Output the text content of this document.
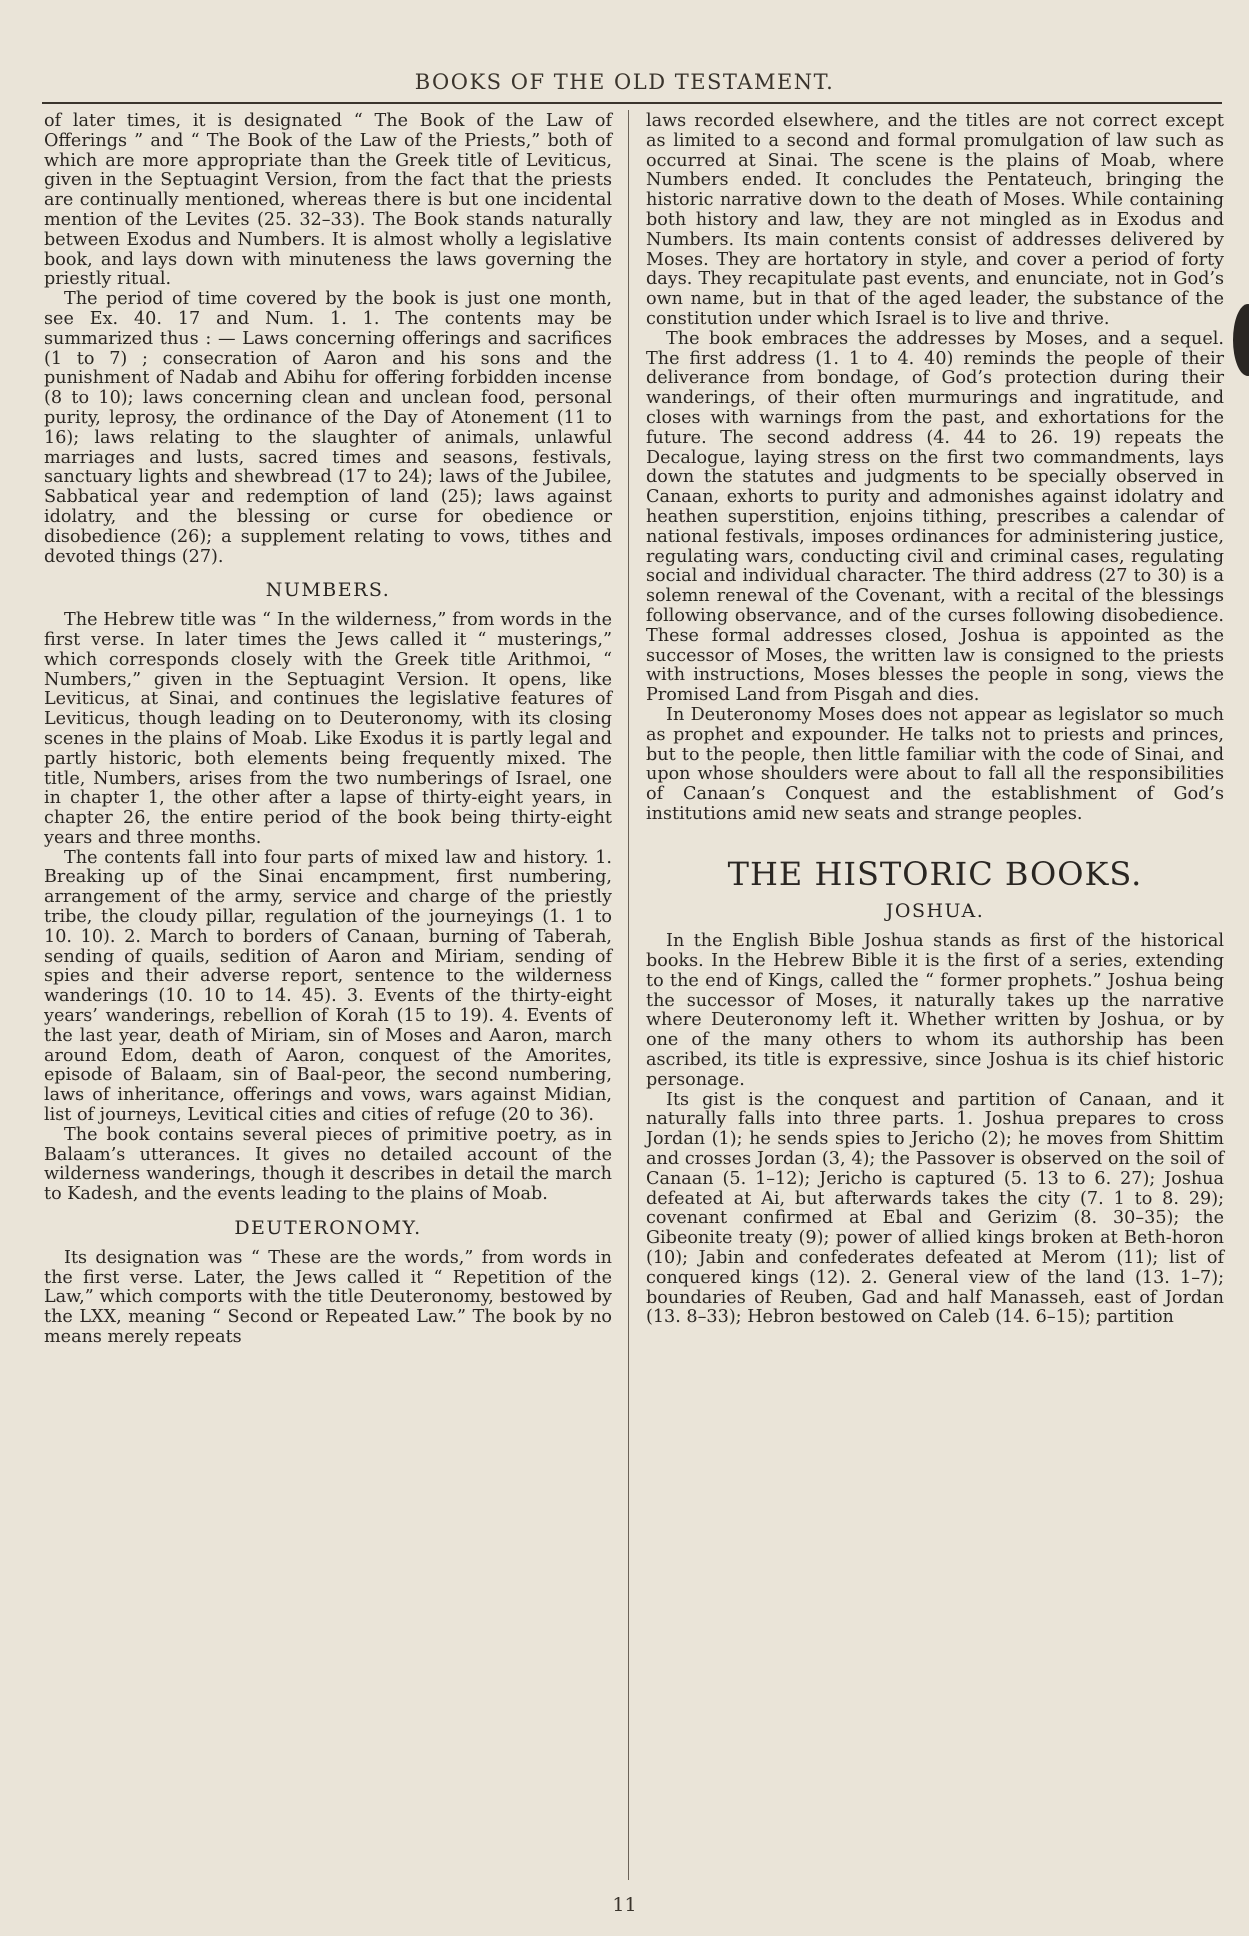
BOOKS OF THE OLD TESTAMENT.

of later times, it is designated “ The Book of the Law of Offerings ” and “ The Book of the Law of the Priests,” both of which are more appropriate than the Greek title of Leviticus, given in the Septuagint Version, from the fact that the priests are continually mentioned, whereas there is but one incidental mention of the Levites (25. 32–33). The Book stands naturally between Exodus and Numbers. It is almost wholly a legislative book, and lays down with minuteness the laws governing the priestly ritual.

The period of time covered by the book is just one month, see Ex. 40. 17 and Num. 1. 1. The contents may be summarized thus : — Laws concerning offerings and sacrifices (1 to 7) ; consecration of Aaron and his sons and the punishment of Nadab and Abihu for offering forbidden incense (8 to 10); laws concerning clean and unclean food, personal purity, leprosy, the ordinance of the Day of Atonement (11 to 16); laws relating to the slaughter of animals, unlawful marriages and lusts, sacred times and seasons, festivals, sanctuary lights and shewbread (17 to 24); laws of the Jubilee, Sabbatical year and redemption of land (25); laws against idolatry, and the blessing or curse for obedience or disobedience (26); a supplement relating to vows, tithes and devoted things (27).

NUMBERS.

The Hebrew title was “ In the wilderness,” from words in the first verse. In later times the Jews called it “ musterings,” which corresponds closely with the Greek title Arithmoi, “ Numbers,” given in the Septuagint Version. It opens, like Leviticus, at Sinai, and continues the legislative features of Leviticus, though leading on to Deuteronomy, with its closing scenes in the plains of Moab. Like Exodus it is partly legal and partly historic, both elements being frequently mixed. The title, Numbers, arises from the two numberings of Israel, one in chapter 1, the other after a lapse of thirty-eight years, in chapter 26, the entire period of the book being thirty-eight years and three months.

The contents fall into four parts of mixed law and history. 1. Breaking up of the Sinai encampment, first numbering, arrangement of the army, service and charge of the priestly tribe, the cloudy pillar, regulation of the journeyings (1. 1 to 10. 10). 2. March to borders of Canaan, burning of Taberah, sending of quails, sedition of Aaron and Miriam, sending of spies and their adverse report, sentence to the wilderness wanderings (10. 10 to 14. 45). 3. Events of the thirty-eight years’ wanderings, rebellion of Korah (15 to 19). 4. Events of the last year, death of Miriam, sin of Moses and Aaron, march around Edom, death of Aaron, conquest of the Amorites, episode of Balaam, sin of Baal-peor, the second numbering, laws of inheritance, offerings and vows, wars against Midian, list of journeys, Levitical cities and cities of refuge (20 to 36).

The book contains several pieces of primitive poetry, as in Balaam’s utterances. It gives no detailed account of the wilderness wanderings, though it describes in detail the march to Kadesh, and the events leading to the plains of Moab.

DEUTERONOMY.

Its designation was “ These are the words,” from words in the first verse. Later, the Jews called it “ Repetition of the Law,” which comports with the title Deuteronomy, bestowed by the LXX, meaning “ Second or Repeated Law.” The book by no means merely repeats

laws recorded elsewhere, and the titles are not correct except as limited to a second and formal promulgation of law such as occurred at Sinai. The scene is the plains of Moab, where Numbers ended. It concludes the Pentateuch, bringing the historic narrative down to the death of Moses. While containing both history and law, they are not mingled as in Exodus and Numbers. Its main contents consist of addresses delivered by Moses. They are hortatory in style, and cover a period of forty days. They recapitulate past events, and enunciate, not in God’s own name, but in that of the aged leader, the substance of the constitution under which Israel is to live and thrive.

The book embraces the addresses by Moses, and a sequel. The first address (1. 1 to 4. 40) reminds the people of their deliverance from bondage, of God’s protection during their wanderings, of their often murmurings and ingratitude, and closes with warnings from the past, and exhortations for the future. The second address (4. 44 to 26. 19) repeats the Decalogue, laying stress on the first two commandments, lays down the statutes and judgments to be specially observed in Canaan, exhorts to purity and admonishes against idolatry and heathen superstition, enjoins tithing, prescribes a calendar of national festivals, imposes ordinances for administering justice, regulating wars, conducting civil and criminal cases, regulating social and individual character. The third address (27 to 30) is a solemn renewal of the Covenant, with a recital of the blessings following observance, and of the curses following disobedience. These formal addresses closed, Joshua is appointed as the successor of Moses, the written law is consigned to the priests with instructions, Moses blesses the people in song, views the Promised Land from Pisgah and dies.

In Deuteronomy Moses does not appear as legislator so much as prophet and expounder. He talks not to priests and princes, but to the people, then little familiar with the code of Sinai, and upon whose shoulders were about to fall all the responsibilities of Canaan’s Conquest and the establishment of God’s institutions amid new seats and strange peoples.

THE HISTORIC BOOKS.
JOSHUA.

In the English Bible Joshua stands as first of the historical books. In the Hebrew Bible it is the first of a series, extending to the end of Kings, called the “ former prophets.” Joshua being the successor of Moses, it naturally takes up the narrative where Deuteronomy left it. Whether written by Joshua, or by one of the many others to whom its authorship has been ascribed, its title is expressive, since Joshua is its chief historic personage.

Its gist is the conquest and partition of Canaan, and it naturally falls into three parts. 1. Joshua prepares to cross Jordan (1); he sends spies to Jericho (2); he moves from Shittim and crosses Jordan (3, 4); the Passover is observed on the soil of Canaan (5. 1–12); Jericho is captured (5. 13 to 6. 27); Joshua defeated at Ai, but afterwards takes the city (7. 1 to 8. 29); covenant confirmed at Ebal and Gerizim (8. 30–35); the Gibeonite treaty (9); power of allied kings broken at Beth-horon (10); Jabin and confederates defeated at Merom (11); list of conquered kings (12). 2. General view of the land (13. 1–7); boundaries of Reuben, Gad and half Manasseh, east of Jordan (13. 8–33); Hebron bestowed on Caleb (14. 6–15); partition

11
